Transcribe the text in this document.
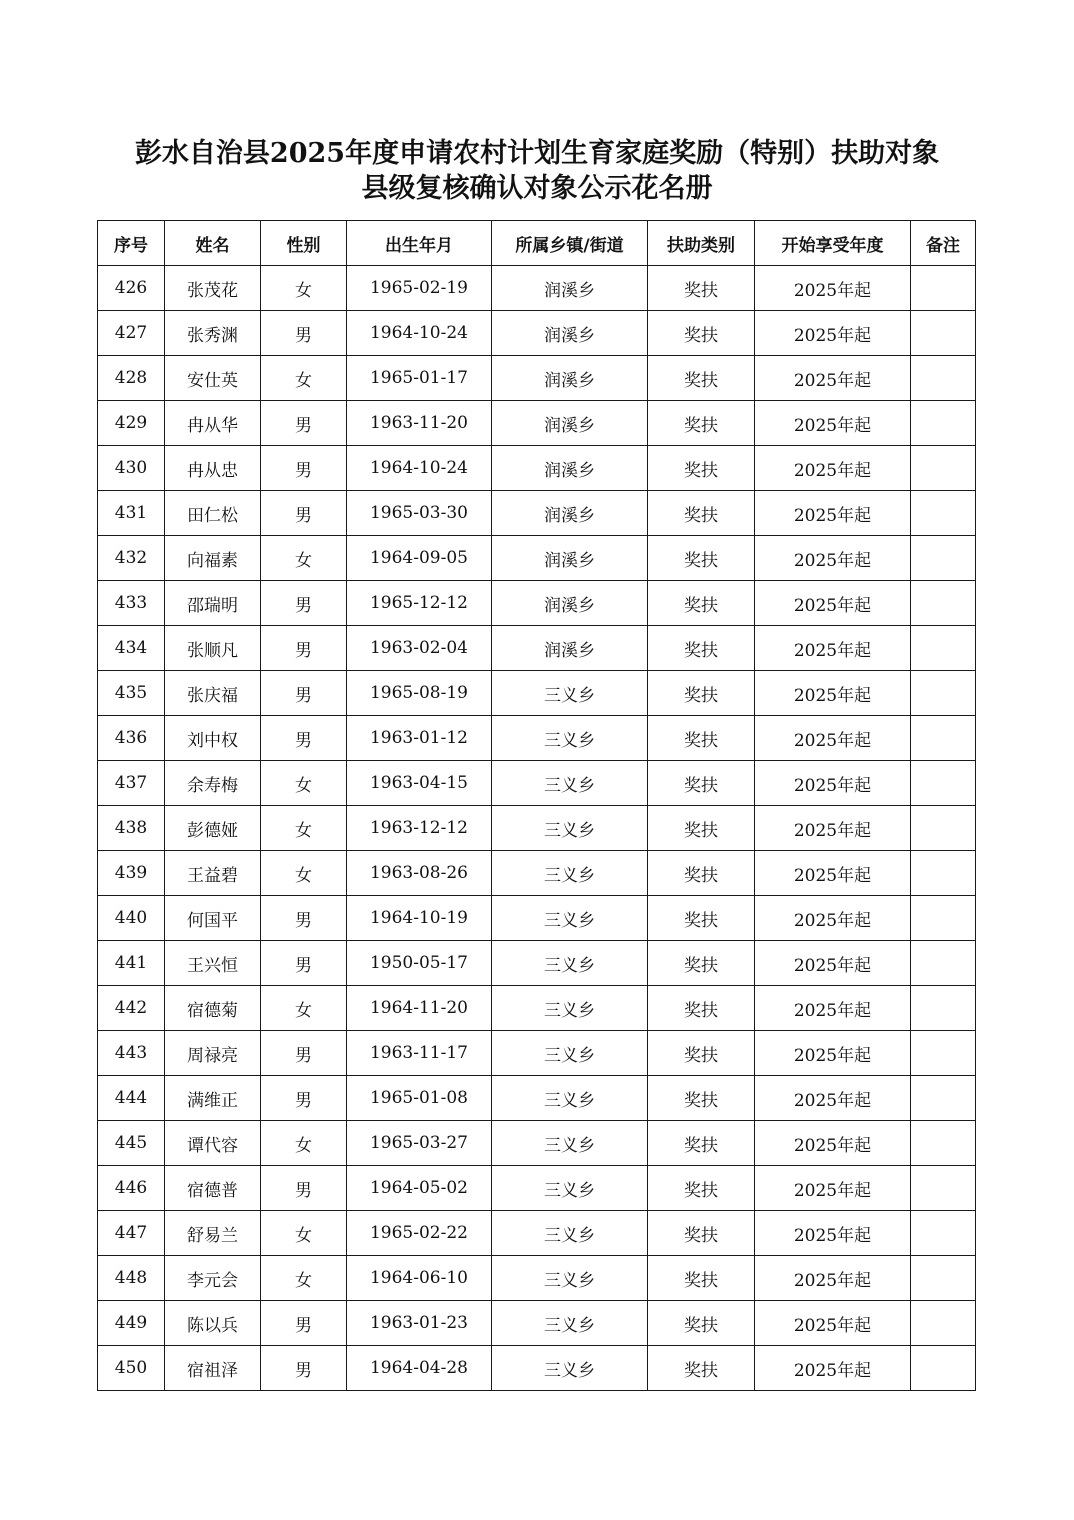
彭水自治县2025年度申请农村计划生育家庭奖励（特别）扶助对象
县级复核确认对象公示花名册
序号	姓名	性别	出生年月	所属乡镇/街道	扶助类别	开始享受年度	备注
426	张茂花	女	1965-02-19	润溪乡	奖扶	2025年起	
427	张秀渊	男	1964-10-24	润溪乡	奖扶	2025年起	
428	安仕英	女	1965-01-17	润溪乡	奖扶	2025年起	
429	冉从华	男	1963-11-20	润溪乡	奖扶	2025年起	
430	冉从忠	男	1964-10-24	润溪乡	奖扶	2025年起	
431	田仁松	男	1965-03-30	润溪乡	奖扶	2025年起	
432	向福素	女	1964-09-05	润溪乡	奖扶	2025年起	
433	邵瑞明	男	1965-12-12	润溪乡	奖扶	2025年起	
434	张顺凡	男	1963-02-04	润溪乡	奖扶	2025年起	
435	张庆福	男	1965-08-19	三义乡	奖扶	2025年起	
436	刘中权	男	1963-01-12	三义乡	奖扶	2025年起	
437	余寿梅	女	1963-04-15	三义乡	奖扶	2025年起	
438	彭德娅	女	1963-12-12	三义乡	奖扶	2025年起	
439	王益碧	女	1963-08-26	三义乡	奖扶	2025年起	
440	何国平	男	1964-10-19	三义乡	奖扶	2025年起	
441	王兴恒	男	1950-05-17	三义乡	奖扶	2025年起	
442	宿德菊	女	1964-11-20	三义乡	奖扶	2025年起	
443	周禄亮	男	1963-11-17	三义乡	奖扶	2025年起	
444	满维正	男	1965-01-08	三义乡	奖扶	2025年起	
445	谭代容	女	1965-03-27	三义乡	奖扶	2025年起	
446	宿德普	男	1964-05-02	三义乡	奖扶	2025年起	
447	舒易兰	女	1965-02-22	三义乡	奖扶	2025年起	
448	李元会	女	1964-06-10	三义乡	奖扶	2025年起	
449	陈以兵	男	1963-01-23	三义乡	奖扶	2025年起	
450	宿祖泽	男	1964-04-28	三义乡	奖扶	2025年起	
